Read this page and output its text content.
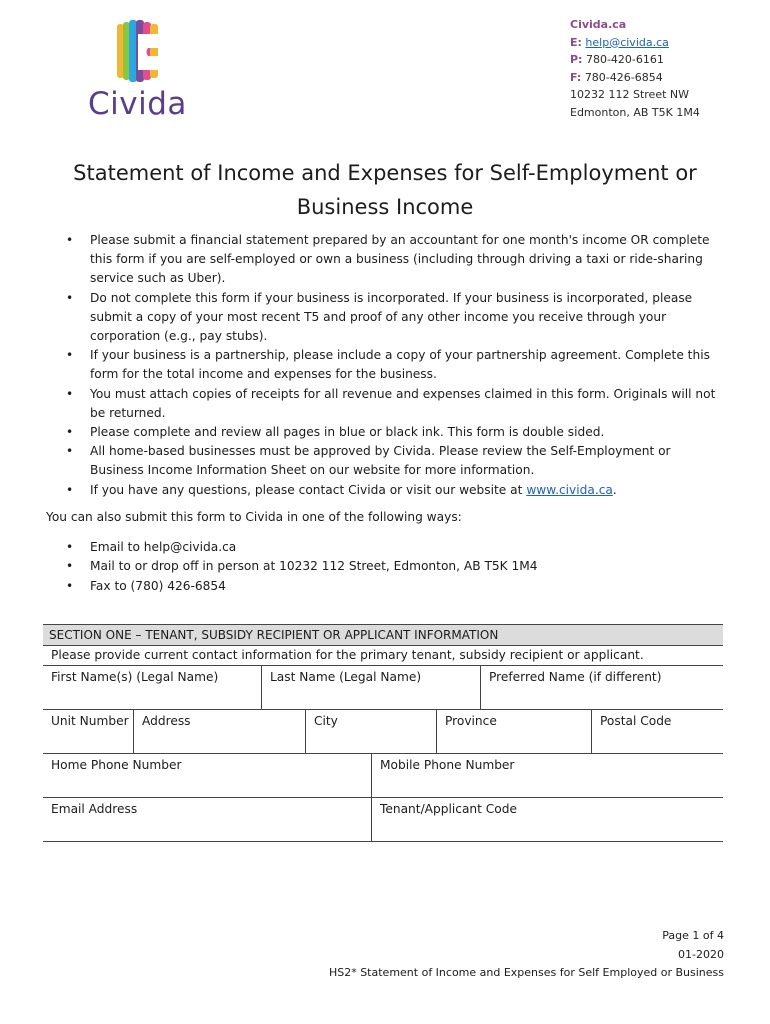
Civida
Civida.ca
E: help@civida.ca
P: 780-420-6161
F: 780-426-6854
10232 112 Street NW
Edmonton, AB T5K 1M4
Statement of Income and Expenses for Self-Employment or Business Income
• Please submit a financial statement prepared by an accountant for one month's income OR complete this form if you are self-employed or own a business (including through driving a taxi or ride-sharing service such as Uber).
• Do not complete this form if your business is incorporated. If your business is incorporated, please submit a copy of your most recent T5 and proof of any other income you receive through your corporation (e.g., pay stubs).
• If your business is a partnership, please include a copy of your partnership agreement. Complete this form for the total income and expenses for the business.
• You must attach copies of receipts for all revenue and expenses claimed in this form. Originals will not be returned.
• Please complete and review all pages in blue or black ink. This form is double sided.
• All home-based businesses must be approved by Civida. Please review the Self-Employment or Business Income Information Sheet on our website for more information.
• If you have any questions, please contact Civida or visit our website at www.civida.ca.
You can also submit this form to Civida in one of the following ways:
• Email to help@civida.ca
• Mail to or drop off in person at 10232 112 Street, Edmonton, AB T5K 1M4
• Fax to (780) 426-6854
SECTION ONE – TENANT, SUBSIDY RECIPIENT OR APPLICANT INFORMATION
Please provide current contact information for the primary tenant, subsidy recipient or applicant.
First Name(s) (Legal Name)	Last Name (Legal Name)	Preferred Name (if different)
Unit Number	Address	City	Province	Postal Code
Home Phone Number	Mobile Phone Number
Email Address	Tenant/Applicant Code
Page 1 of 4
01-2020
HS2* Statement of Income and Expenses for Self Employed or Business
